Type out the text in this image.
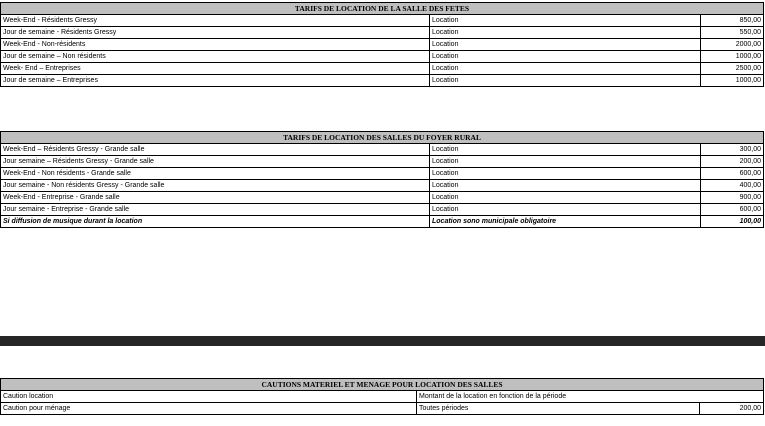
TARIFS DE LOCATION DE LA SALLE DES FETES		
Week-End - Résidents Gressy	Location	850,00
Jour de semaine - Résidents Gressy	Location	550,00
Week-End - Non-résidents	Location	2000,00
Jour de semaine – Non résidents	Location	1000,00
Week- End – Entreprises	Location	2500,00
Jour de semaine – Entreprises	Location	1000,00
TARIFS DE LOCATION DES SALLES DU FOYER RURAL		
Week-End – Résidents Gressy - Grande salle	Location	300,00
Jour semaine – Résidents Gressy - Grande salle	Location	200,00
Week-End - Non résidents - Grande salle	Location	600,00
Jour semaine - Non résidents Gressy - Grande salle	Location	400,00
Week-End - Entreprise - Grande salle	Location	900,00
Jour semaine - Entreprise - Grande salle	Location	600,00
Si diffusion de musique durant la location	Location sono municipale obligatoire	100,00
CAUTIONS MATERIEL ET MENAGE POUR LOCATION DES SALLES		
Caution location	Montant de la location en fonction de la période	
Caution pour ménage	Toutes périodes	200,00
